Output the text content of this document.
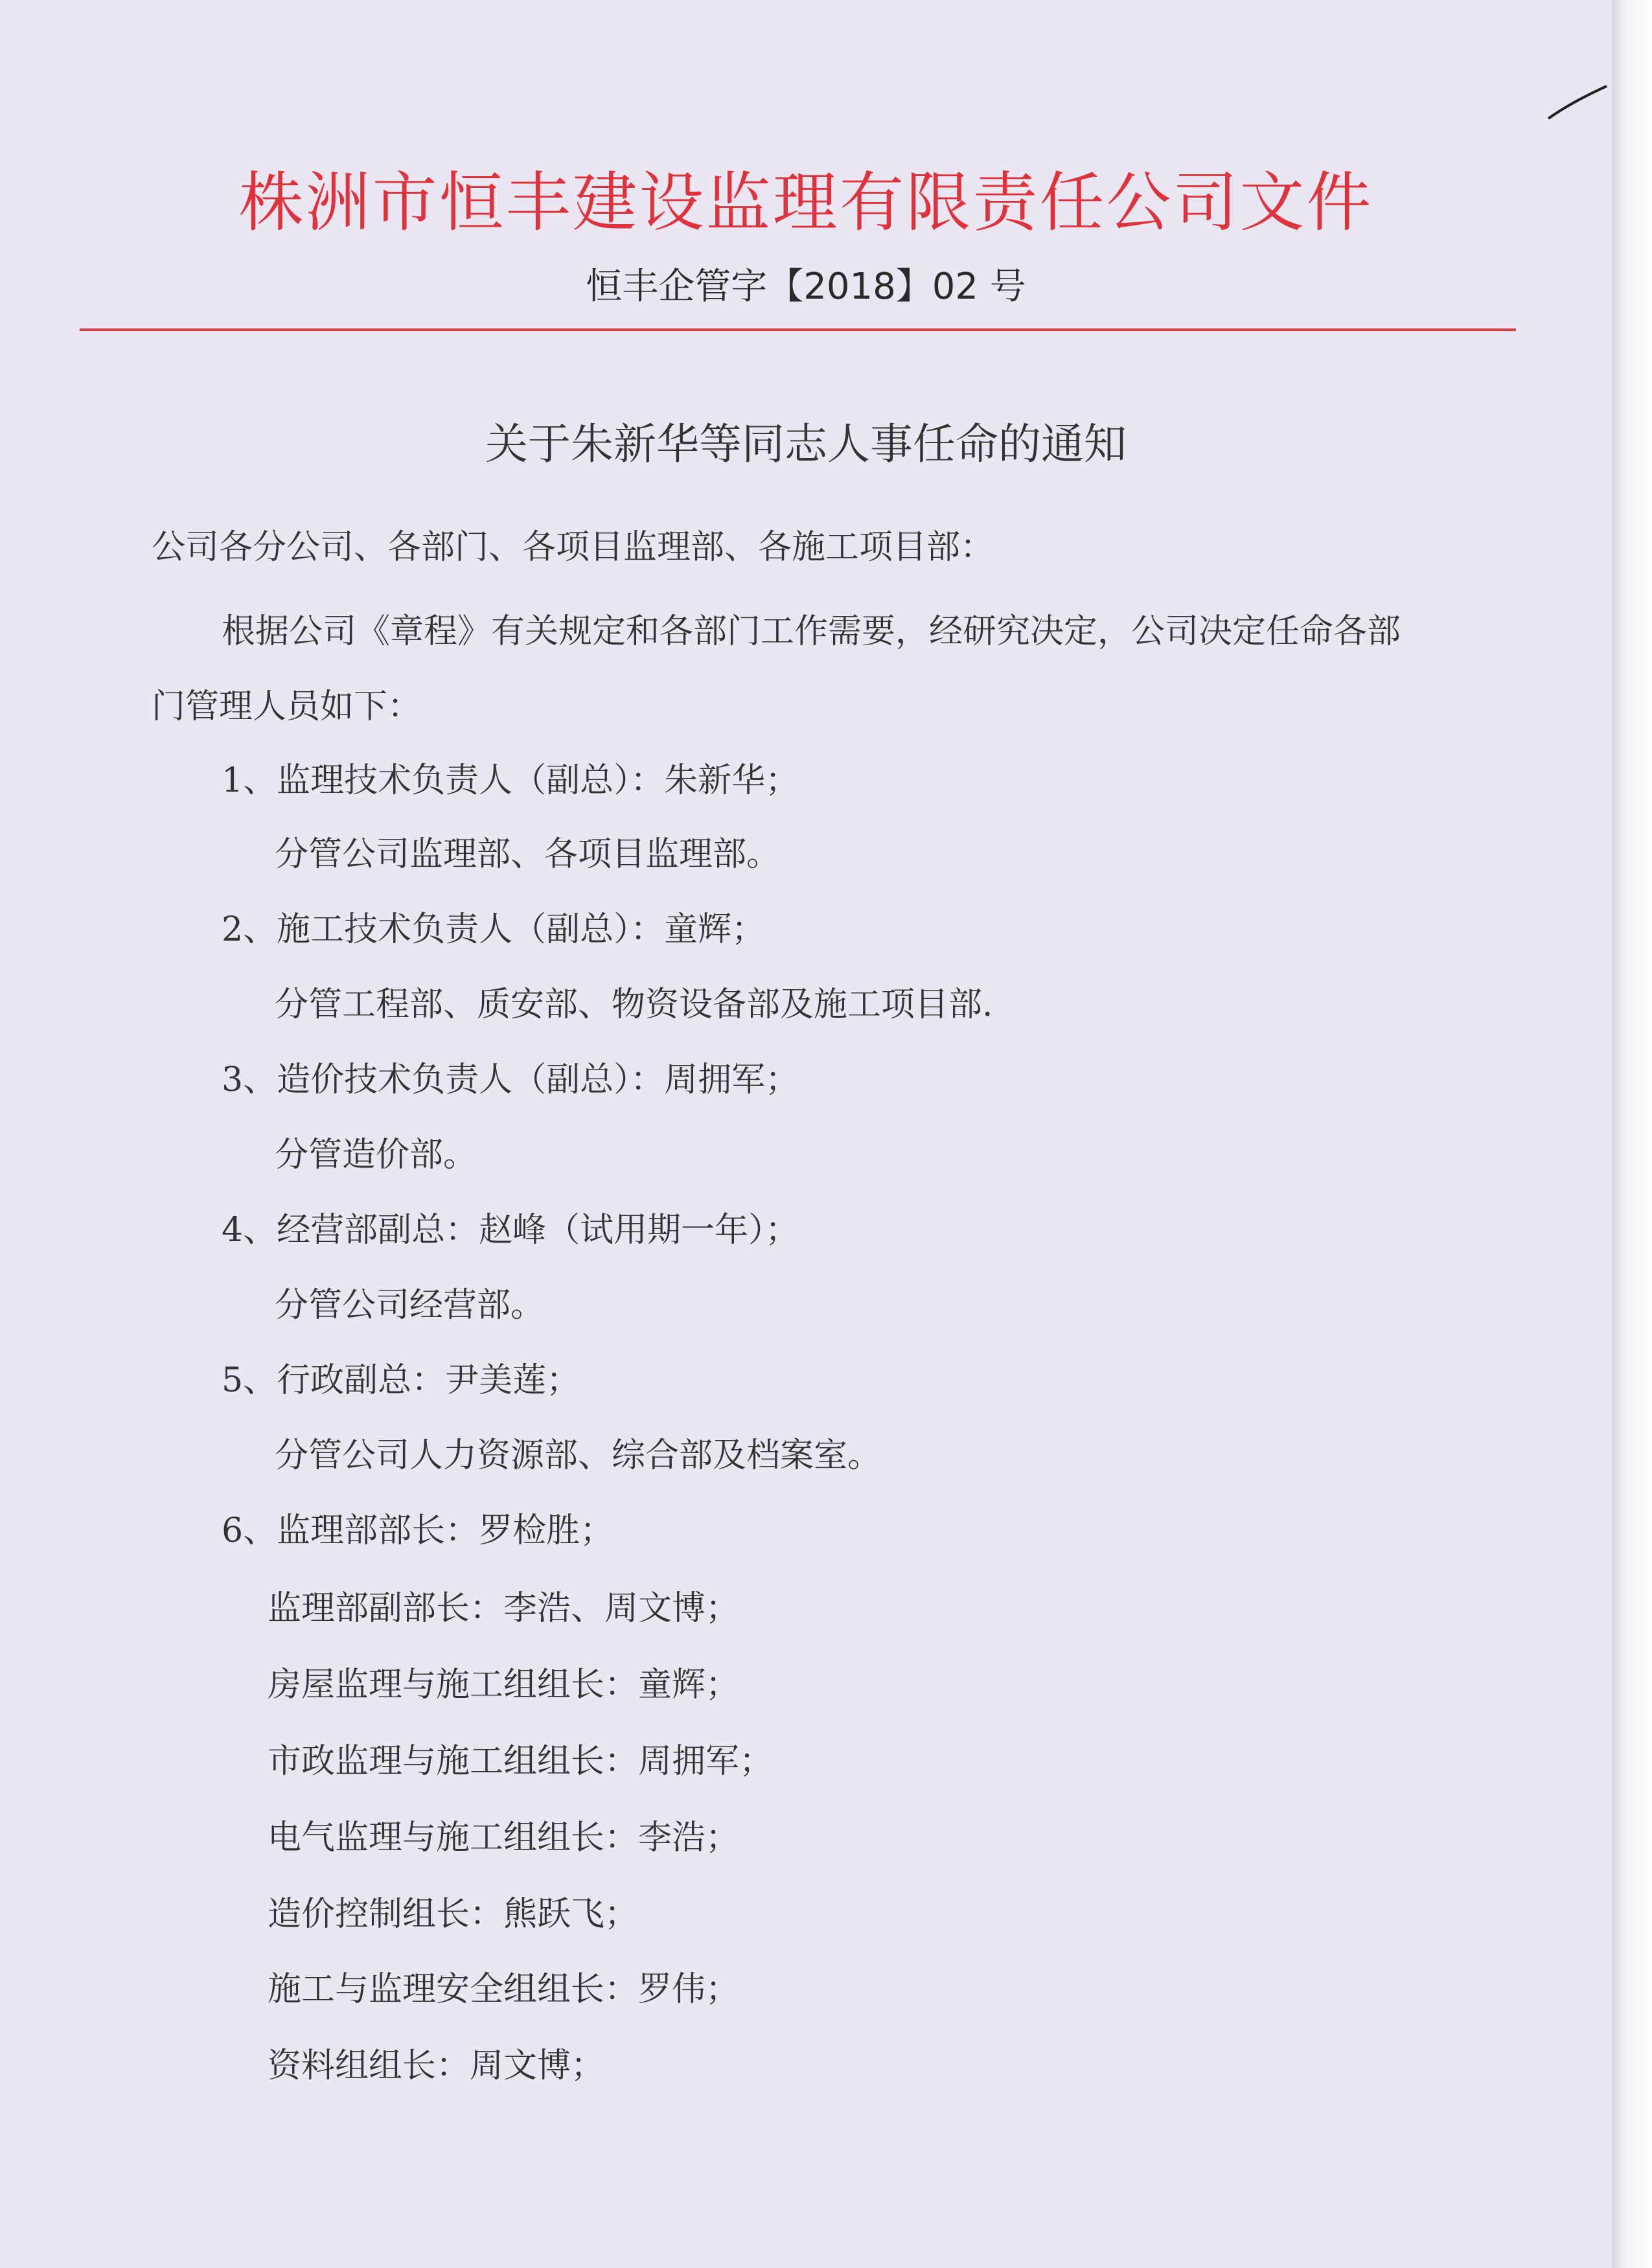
株洲市恒丰建设监理有限责任公司文件
恒丰企管字【2018】02 号
关于朱新华等同志人事任命的通知
公司各分公司、各部门、各项目监理部、各施工项目部：
根据公司《章程》有关规定和各部门工作需要，经研究决定，公司决定任命各部
门管理人员如下：
1、监理技术负责人（副总）：朱新华；
分管公司监理部、各项目监理部。
2、施工技术负责人（副总）：童辉；
分管工程部、质安部、物资设备部及施工项目部.
3、造价技术负责人（副总）：周拥军；
分管造价部。
4、经营部副总：赵峰（试用期一年）；
分管公司经营部。
5、行政副总：尹美莲；
分管公司人力资源部、综合部及档案室。
6、监理部部长：罗检胜；
监理部副部长：李浩、周文博；
房屋监理与施工组组长：童辉；
市政监理与施工组组长：周拥军；
电气监理与施工组组长：李浩；
造价控制组长：熊跃飞；
施工与监理安全组组长：罗伟；
资料组组长：周文博；
